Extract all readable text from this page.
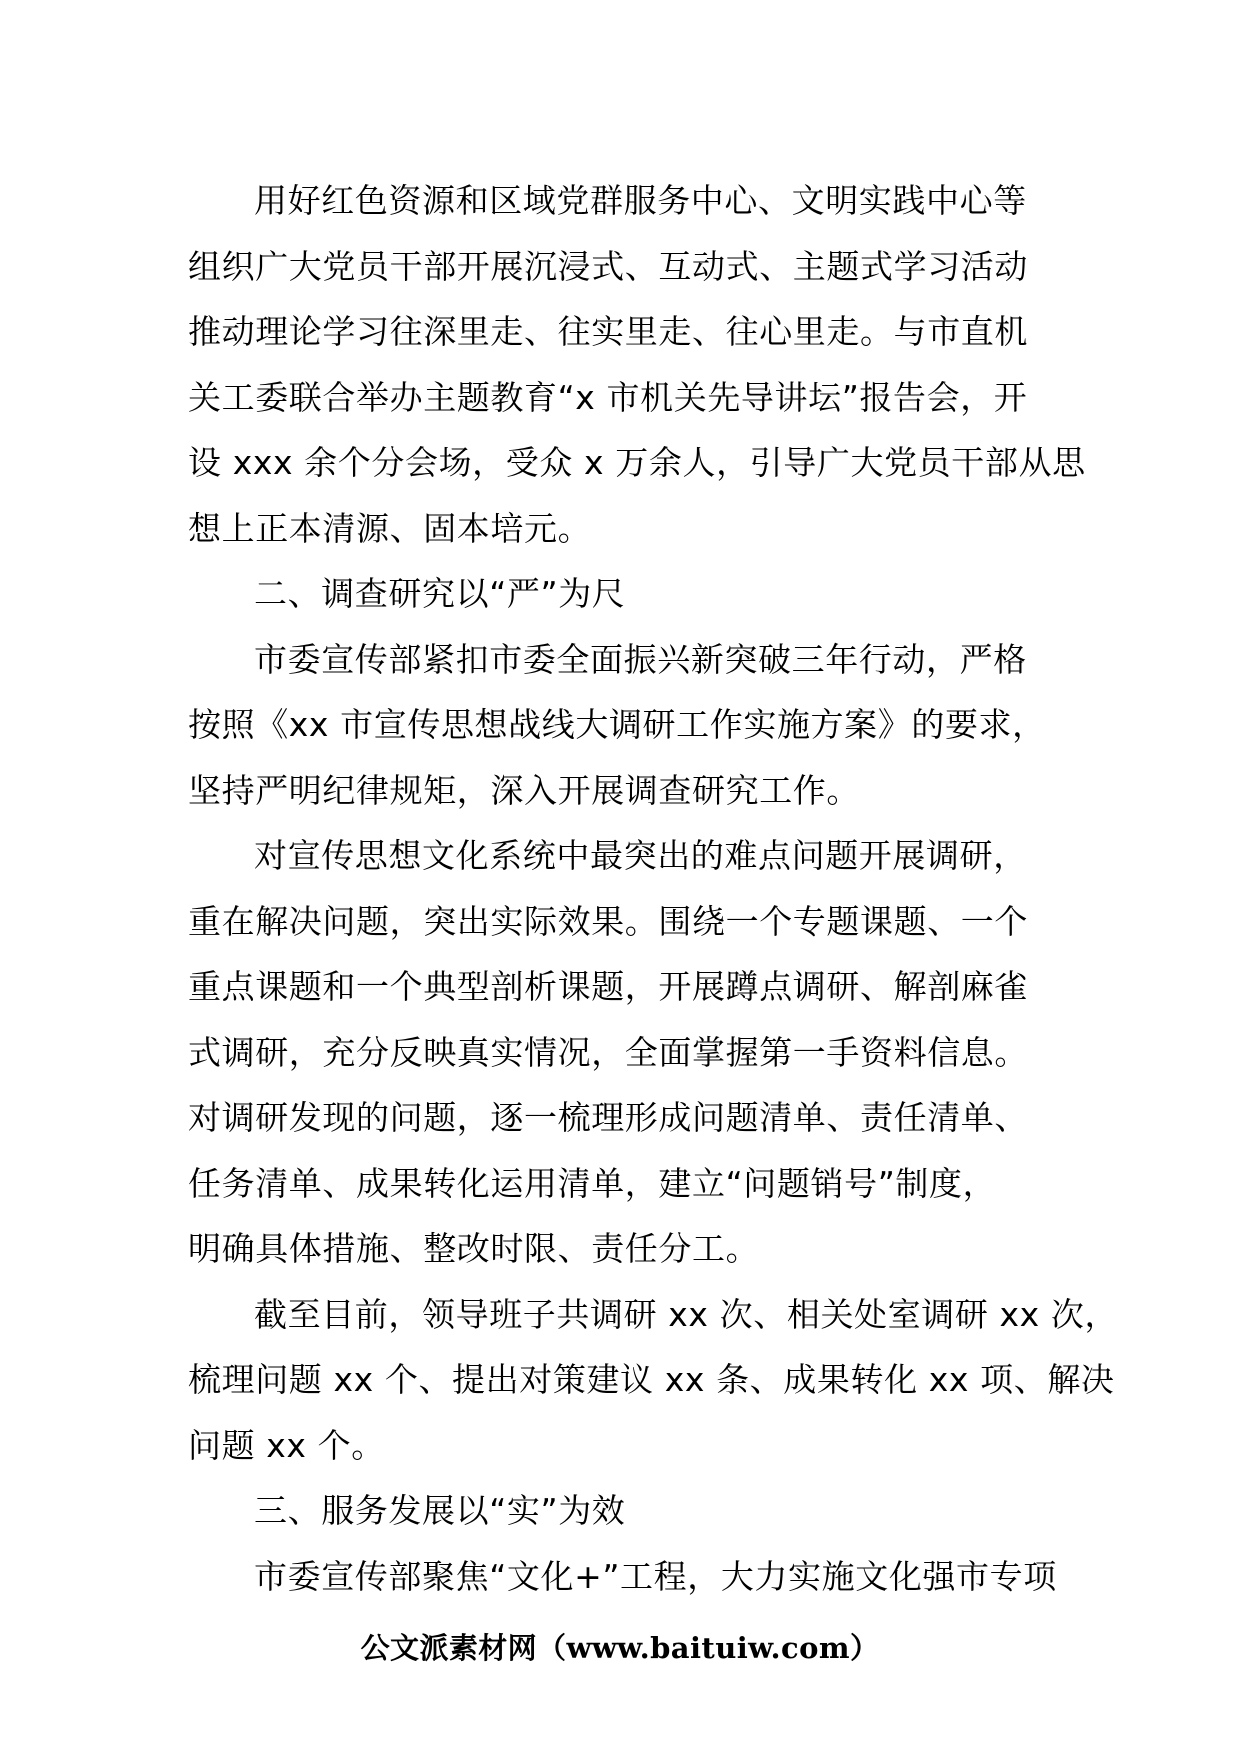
用好红色资源和区域党群服务中心、文明实践中心等
组织广大党员干部开展沉浸式、互动式、主题式学习活动
推动理论学习往深里走、往实里走、往心里走。与市直机
关工委联合举办主题教育“x 市机关先导讲坛”报告会，开
设 xxx 余个分会场，受众 x 万余人，引导广大党员干部从思
想上正本清源、固本培元。
二、调查研究以“严”为尺
市委宣传部紧扣市委全面振兴新突破三年行动，严格
按照《xx 市宣传思想战线大调研工作实施方案》的要求，
坚持严明纪律规矩，深入开展调查研究工作。
对宣传思想文化系统中最突出的难点问题开展调研，
重在解决问题，突出实际效果。围绕一个专题课题、一个
重点课题和一个典型剖析课题，开展蹲点调研、解剖麻雀
式调研，充分反映真实情况，全面掌握第一手资料信息。
对调研发现的问题，逐一梳理形成问题清单、责任清单、
任务清单、成果转化运用清单，建立“问题销号”制度，
明确具体措施、整改时限、责任分工。
截至目前，领导班子共调研 xx 次、相关处室调研 xx 次，
梳理问题 xx 个、提出对策建议 xx 条、成果转化 xx 项、解决
问题 xx 个。
三、服务发展以“实”为效
市委宣传部聚焦“文化+”工程，大力实施文化强市专项
公文派素材网（www.baituiw.com）
